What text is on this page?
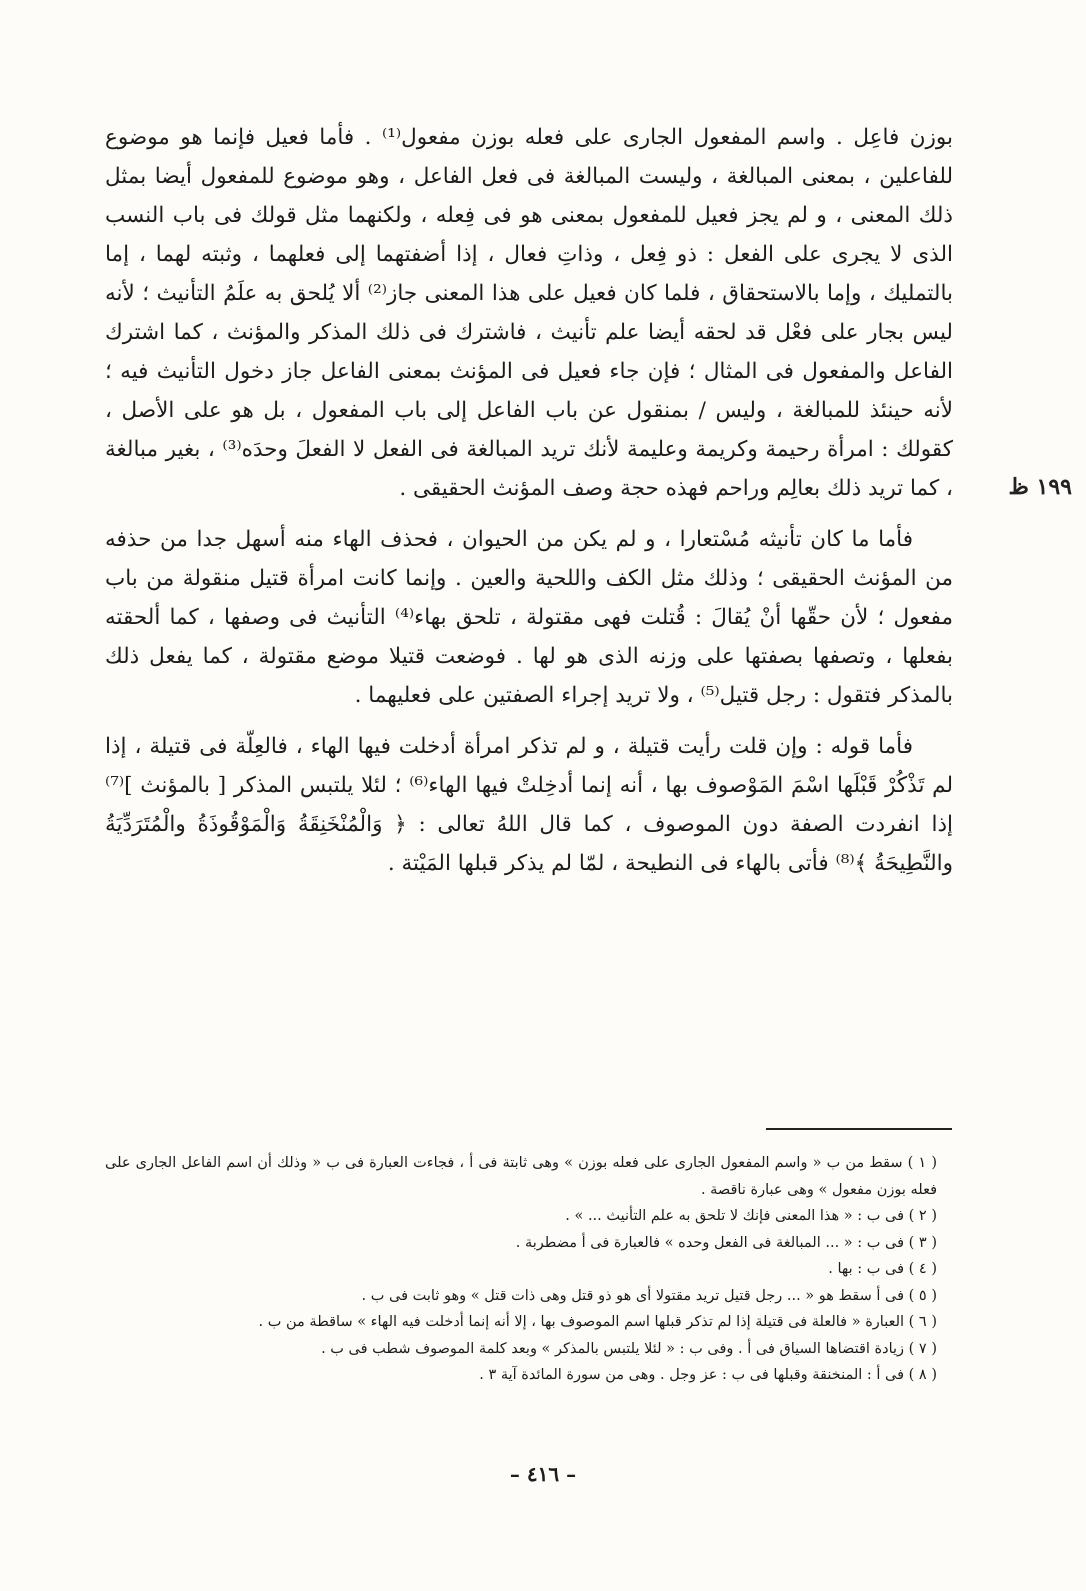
بوزن فاعِل . واسم المفعول الجارى على فعله بوزن مفعول⁽¹⁾ . فأما فعيل فإنما هو موضوع للفاعلين ، بمعنى المبالغة ، وليست المبالغة فى فعل الفاعل ، وهو موضوع للمفعول أيضا بمثل ذلك المعنى ، و لم يجز فعيل للمفعول بمعنى هو فى فِعله ، ولكنهما مثل قولك فى باب النسب الذى لا يجرى على الفعل : ذو فِعل ، وذاتِ فعال ، إذا أضفتهما إلى فعلهما ، وثبته لهما ، إما بالتمليك ، وإما بالاستحقاق ، فلما كان فعيل على هذا المعنى جاز⁽²⁾ ألا يُلحق به علَمُ التأنيث ؛ لأنه ليس بجار على فعْل قد لحقه أيضا علم تأنيث ، فاشترك فى ذلك المذكر والمؤنث ، كما اشترك الفاعل والمفعول فى المثال ؛ فإن جاء فعيل فى المؤنث بمعنى الفاعل جاز دخول التأنيث فيه ؛ لأنه حينئذ للمبالغة ، وليس / بمنقول عن باب الفاعل إلى باب المفعول ، بل هو على الأصل ، كقولك : امرأة رحيمة وكريمة وعليمة لأنك تريد المبالغة فى الفعل لا الفعلَ وحدَه⁽³⁾ ، بغير مبالغة ، كما تريد ذلك بعالِم وراحم فهذه حجة وصف المؤنث الحقيقى .

فأما ما كان تأنيثه مُسْتعارا ، و لم يكن من الحيوان ، فحذف الهاء منه أسهل جدا من حذفه من المؤنث الحقيقى ؛ وذلك مثل الكف واللحية والعين . وإنما كانت امرأة قتيل منقولة من باب مفعول ؛ لأن حقّها أنْ يُقالَ : قُتلت فهى مقتولة ، تلحق بهاء⁽⁴⁾ التأنيث فى وصفها ، كما ألحقته بفعلها ، وتصفها بصفتها على وزنه الذى هو لها . فوضعت قتيلا موضع مقتولة ، كما يفعل ذلك بالمذكر فتقول : رجل قتيل⁽⁵⁾ ، ولا تريد إجراء الصفتين على فعليهما .

فأما قوله : وإن قلت رأيت قتيلة ، و لم تذكر امرأة أدخلت فيها الهاء ، فالعِلّة فى قتيلة ، إذا لم تَذْكُرْ قَبْلَها اسْمَ المَوْصوف بها ، أنه إنما أدخِلتْ فيها الهاء⁽⁶⁾ ؛ لئلا يلتبس المذكر [ بالمؤنث ]⁽⁷⁾ إذا انفردت الصفة دون الموصوف ، كما قال اللهُ تعالى : ﴿ وَالْمُنْخَنِقَةُ وَالْمَوْقُوذَةُ والْمُتَرَدِّيَةُ والنَّطِيحَةُ ﴾⁽⁸⁾ فأتى بالهاء فى النطيحة ، لمّا لم يذكر قبلها المَيْتة .

١٩٩ ظ

( ١ ) سقط من ب « واسم المفعول الجارى على فعله بوزن » وهى ثابتة فى أ ، فجاءت العبارة فى ب « وذلك أن اسم الفاعل الجارى على فعله بوزن مفعول » وهى عبارة ناقصة .

( ٢ ) فى ب : « هذا المعنى فإنك لا تلحق به علم التأنيث ... » .

( ٣ ) فى ب : « ... المبالغة فى الفعل وحده » فالعبارة فى أ مضطربة .

( ٤ ) فى ب : بها .

( ٥ ) فى أ سقط هو « ... رجل قتيل تريد مقتولا أى هو ذو قتل وهى ذات قتل » وهو ثابت فى ب .

( ٦ ) العبارة « فالعلة فى قتيلة إذا لم تذكر قبلها اسم الموصوف بها ، إلا أنه إنما أدخلت فيه الهاء » ساقطة من ب .

( ٧ ) زيادة اقتضاها السياق فى أ . وفى ب : « لئلا يلتبس بالمذكر » وبعد كلمة الموصوف شطب فى ب .

( ٨ ) فى أ : المنخنقة وقبلها فى ب : عز وجل . وهى من سورة المائدة آية ٣ .

– ٤١٦ –
